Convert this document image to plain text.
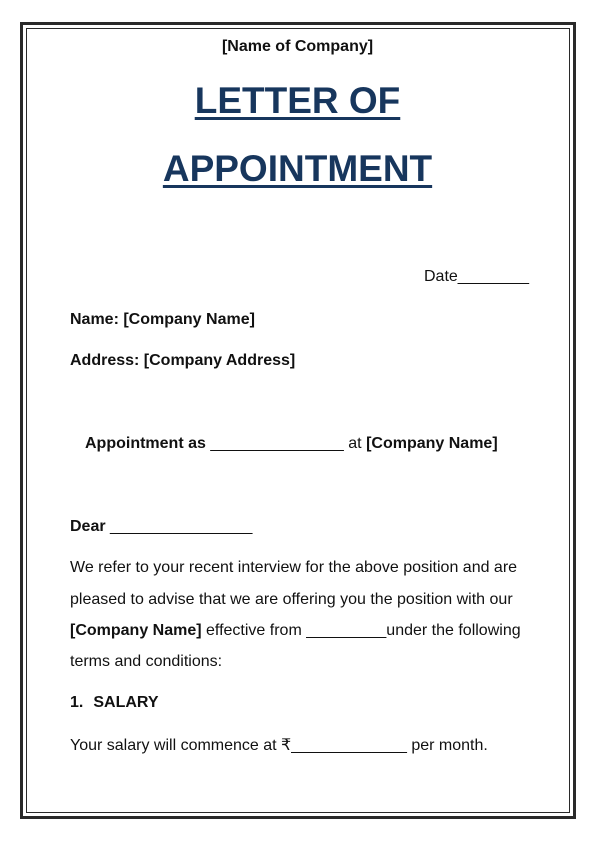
[Name of Company]
LETTER OF
APPOINTMENT
Date________
Name: [Company Name]
Address: [Company Address]
Appointment as _______________ at [Company Name]
Dear ________________
We refer to your recent interview for the above position and are
pleased to advise that we are offering you the position with our
[Company Name] effective from _________under the following
terms and conditions:
1. SALARY
Your salary will commence at ₹_____________ per month.
